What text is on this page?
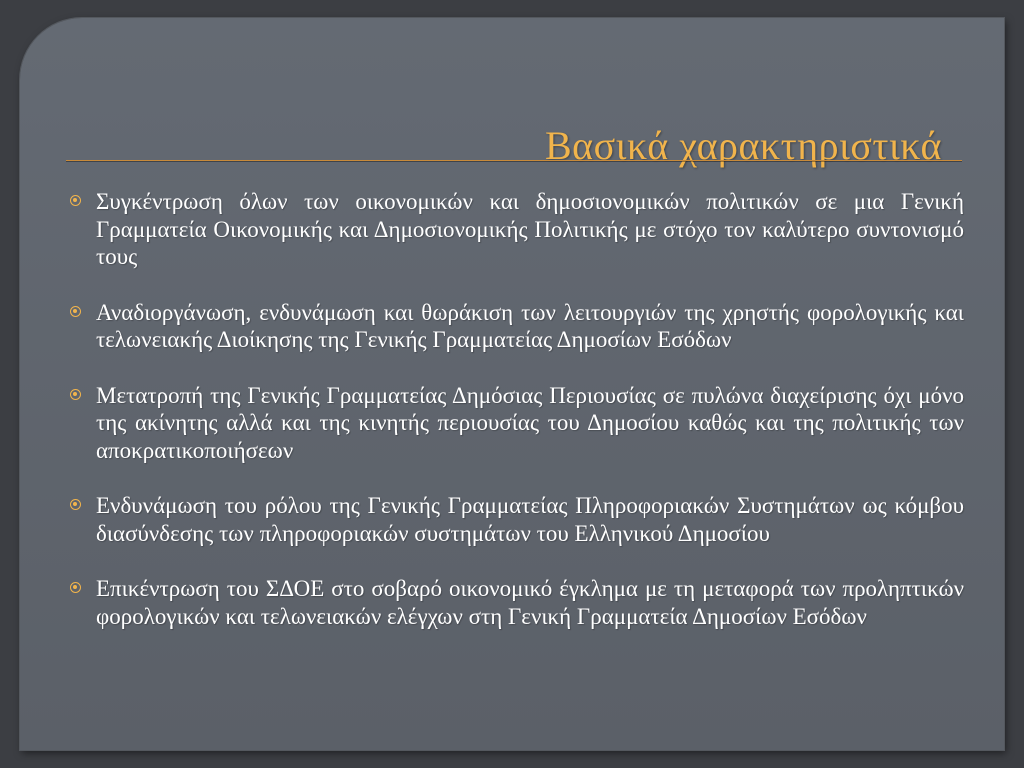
Βασικά χαρακτηριστικά
Συγκέντρωση όλων των οικονομικών και δημοσιονομικών πολιτικών σε μια Γενική Γραμματεία Οικονομικής και Δημοσιονομικής Πολιτικής με στόχο τον καλύτερο συντονισμό τους
Αναδιοργάνωση, ενδυνάμωση και θωράκιση των λειτουργιών της χρηστής φορολογικής και τελωνειακής Διοίκησης της Γενικής Γραμματείας Δημοσίων Εσόδων
Μετατροπή της Γενικής Γραμματείας Δημόσιας Περιουσίας σε πυλώνα διαχείρισης όχι μόνο της ακίνητης αλλά και της κινητής περιουσίας του Δημοσίου καθώς και της πολιτικής των αποκρατικοποιήσεων
Ενδυνάμωση του ρόλου της Γενικής Γραμματείας Πληροφοριακών Συστημάτων ως κόμβου διασύνδεσης των πληροφοριακών συστημάτων του Ελληνικού Δημοσίου
Επικέντρωση του ΣΔΟΕ στο σοβαρό οικονομικό έγκλημα με τη μεταφορά των προληπτικών φορολογικών και τελωνειακών ελέγχων στη Γενική Γραμματεία Δημοσίων Εσόδων
